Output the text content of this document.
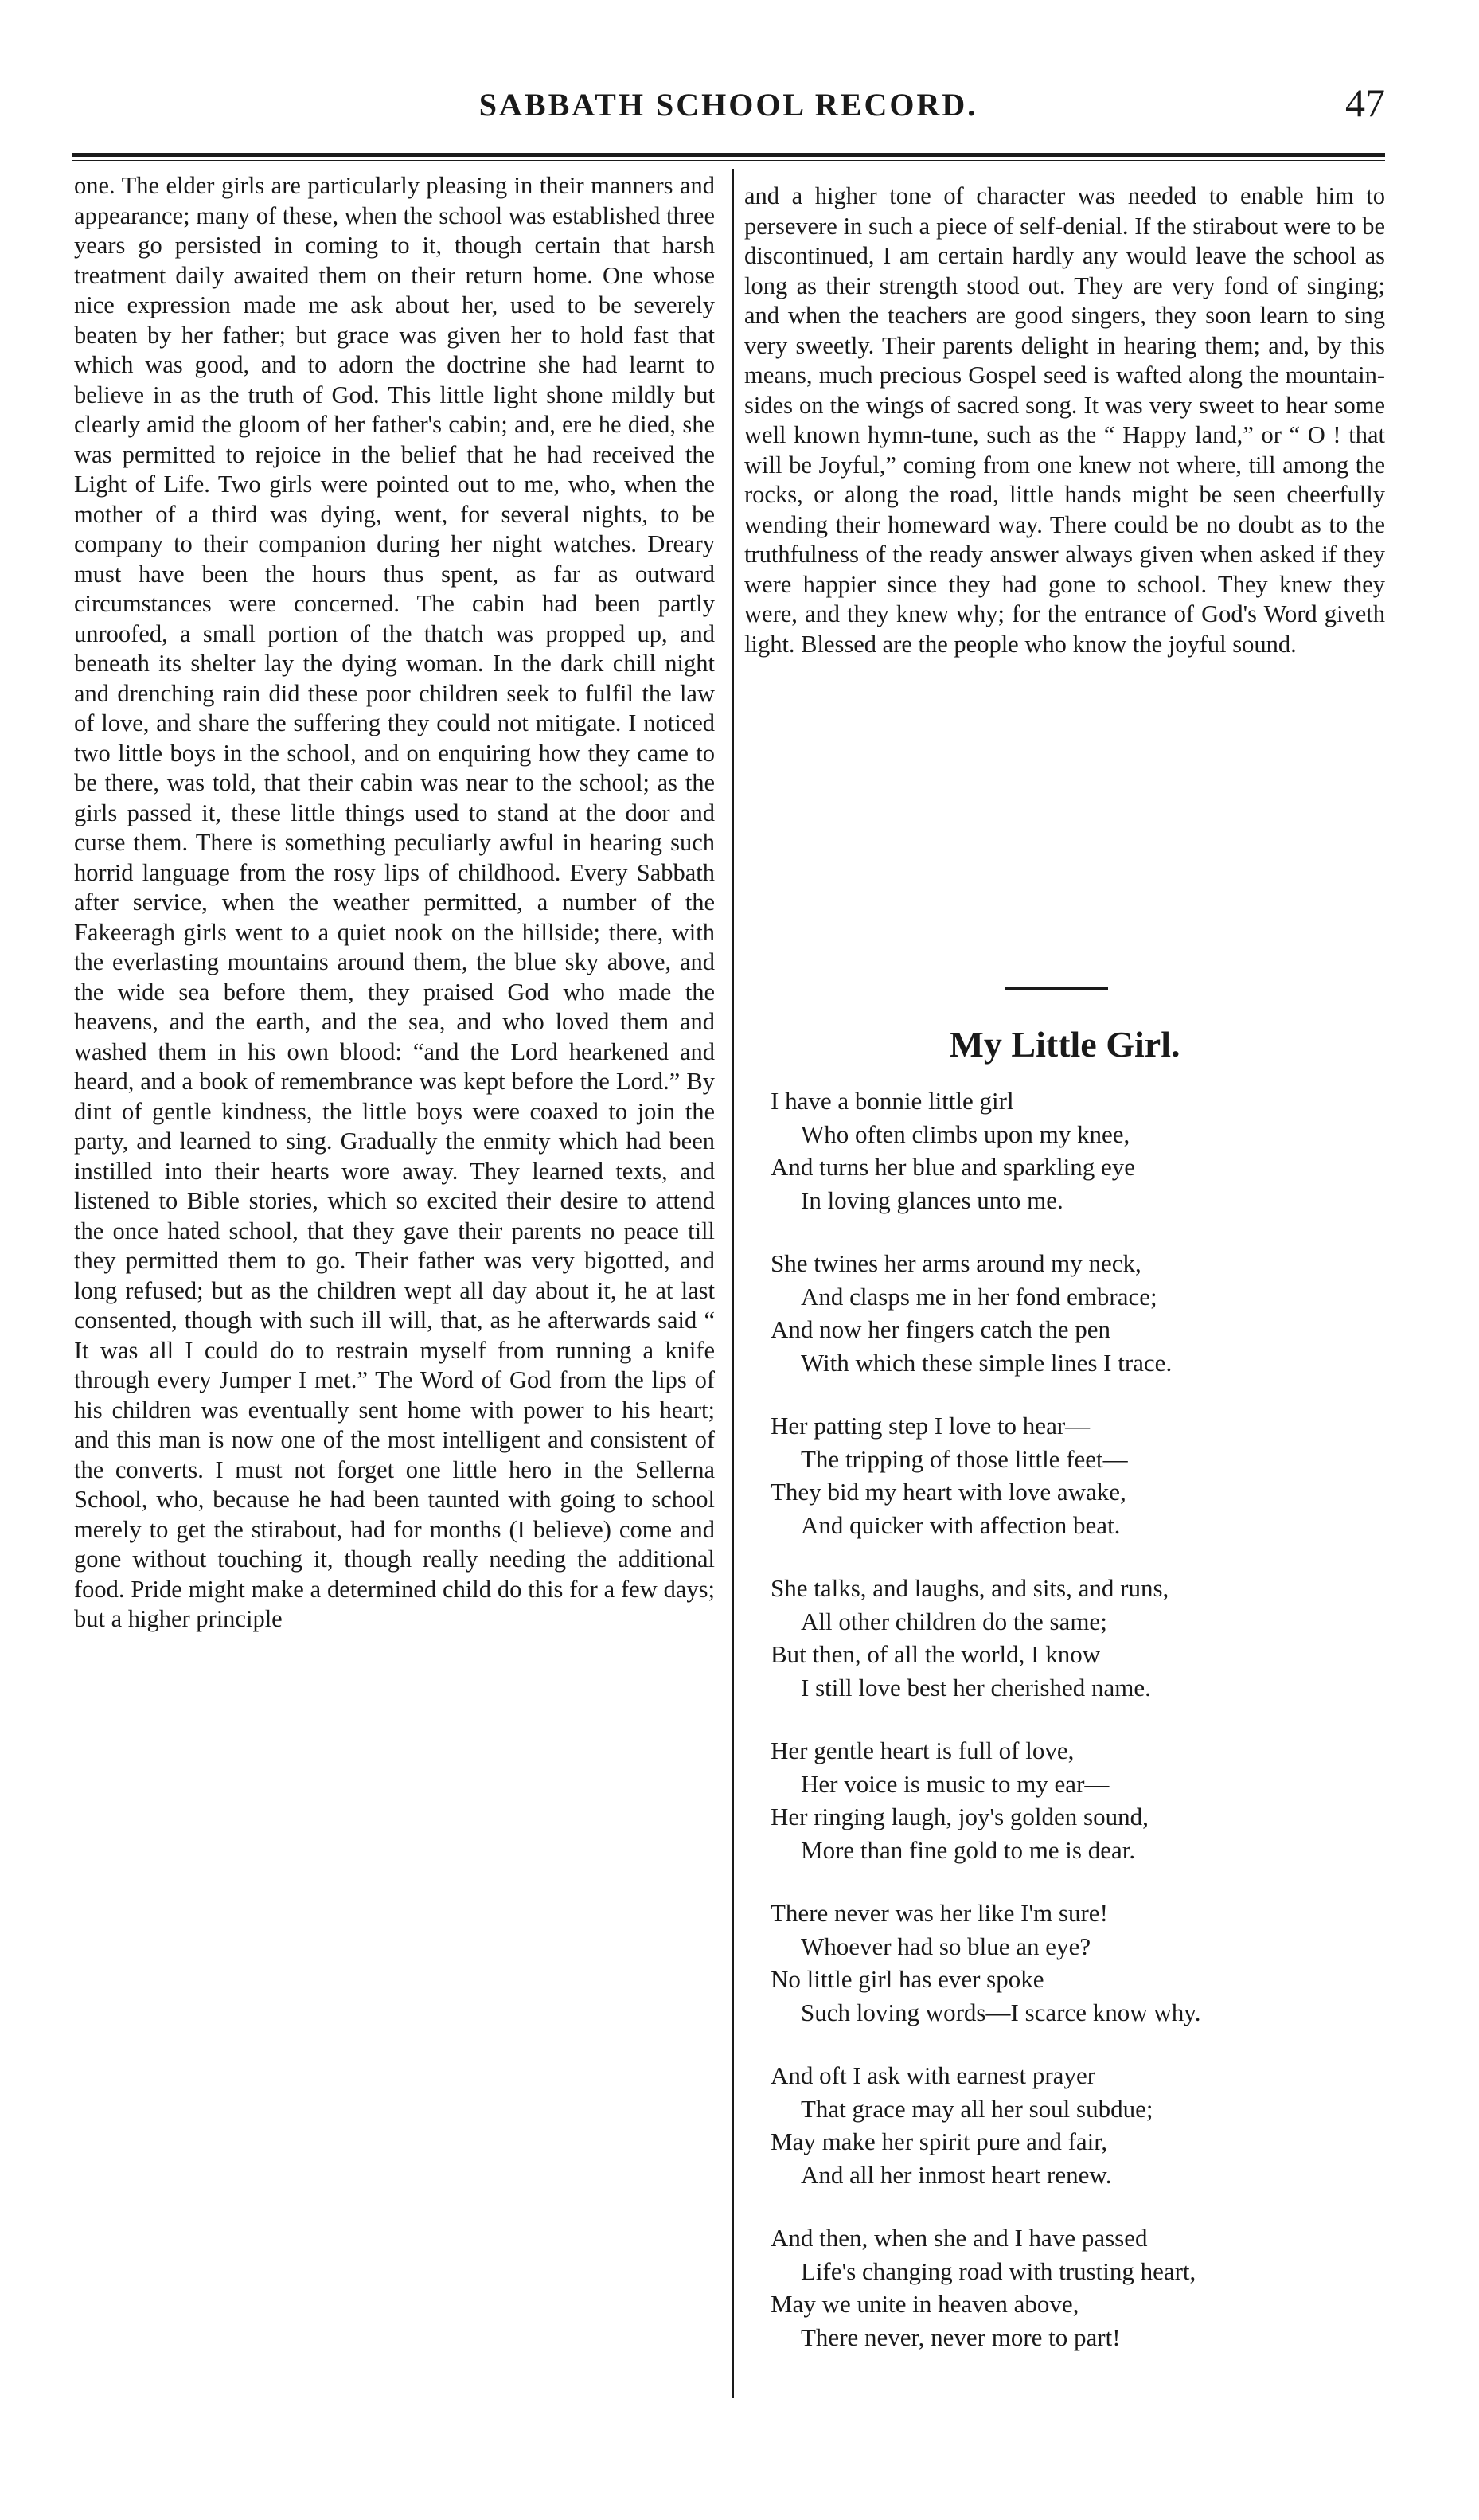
SABBATH SCHOOL RECORD.	47

one. The elder girls are particularly pleasing in their manners and appearance; many of these, when the school was established three years go persisted in coming to it, though certain that harsh treatment daily awaited them on their return home. One whose nice expression made me ask about her, used to be severely beaten by her father; but grace was given her to hold fast that which was good, and to adorn the doctrine she had learnt to believe in as the truth of God. This little light shone mildly but clearly amid the gloom of her father's cabin; and, ere he died, she was permitted to rejoice in the belief that he had received the Light of Life. Two girls were pointed out to me, who, when the mother of a third was dying, went, for several nights, to be company to their companion during her night watches. Dreary must have been the hours thus spent, as far as outward circumstances were concerned. The cabin had been partly unroofed, a small portion of the thatch was propped up, and beneath its shelter lay the dying woman. In the dark chill night and drenching rain did these poor children seek to fulfil the law of love, and share the suffering they could not mitigate. I noticed two little boys in the school, and on enquiring how they came to be there, was told, that their cabin was near to the school; as the girls passed it, these little things used to stand at the door and curse them. There is something peculiarly awful in hearing such horrid language from the rosy lips of childhood. Every Sabbath after service, when the weather permitted, a number of the Fakeeragh girls went to a quiet nook on the hillside; there, with the everlasting mountains around them, the blue sky above, and the wide sea before them, they praised God who made the heavens, and the earth, and the sea, and who loved them and washed them in his own blood: “and the Lord hearkened and heard, and a book of remembrance was kept before the Lord.” By dint of gentle kindness, the little boys were coaxed to join the party, and learned to sing. Gradually the enmity which had been instilled into their hearts wore away. They learned texts, and listened to Bible stories, which so excited their desire to attend the once hated school, that they gave their parents no peace till they permitted them to go. Their father was very bigotted, and long refused; but as the children wept all day about it, he at last consented, though with such ill will, that, as he afterwards said “ It was all I could do to restrain myself from running a knife through every Jumper I met.” The Word of God from the lips of his children was eventually sent home with power to his heart; and this man is now one of the most intelligent and consistent of the converts. I must not forget one little hero in the Sellerna School, who, because he had been taunted with going to school merely to get the stirabout, had for months (I believe) come and gone without touching it, though really needing the additional food. Pride might make a determined child do this for a few days; but a higher principle

and a higher tone of character was needed to enable him to persevere in such a piece of self-denial. If the stirabout were to be discontinued, I am certain hardly any would leave the school as long as their strength stood out. They are very fond of singing; and when the teachers are good singers, they soon learn to sing very sweetly. Their parents delight in hearing them; and, by this means, much precious Gospel seed is wafted along the mountain-sides on the wings of sacred song. It was very sweet to hear some well known hymn-tune, such as the “ Happy land,” or “ O ! that will be Joyful,” coming from one knew not where, till among the rocks, or along the road, little hands might be seen cheerfully wending their homeward way. There could be no doubt as to the truthfulness of the ready answer always given when asked if they were happier since they had gone to school. They knew they were, and they knew why; for the entrance of God's Word giveth light. Blessed are the people who know the joyful sound.

My Little Girl.
I have a bonnie little girl
Who often climbs upon my knee,
And turns her blue and sparkling eye
In loving glances unto me.
She twines her arms around my neck,
And clasps me in her fond embrace;
And now her fingers catch the pen
With which these simple lines I trace.
Her patting step I love to hear—
The tripping of those little feet—
They bid my heart with love awake,
And quicker with affection beat.
She talks, and laughs, and sits, and runs,
All other children do the same;
But then, of all the world, I know
I still love best her cherished name.
Her gentle heart is full of love,
Her voice is music to my ear—
Her ringing laugh, joy's golden sound,
More than fine gold to me is dear.
There never was her like I'm sure!
Whoever had so blue an eye?
No little girl has ever spoke
Such loving words—I scarce know why.
And oft I ask with earnest prayer
That grace may all her soul subdue;
May make her spirit pure and fair,
And all her inmost heart renew.
And then, when she and I have passed
Life's changing road with trusting heart,
May we unite in heaven above,
There never, never more to part!
